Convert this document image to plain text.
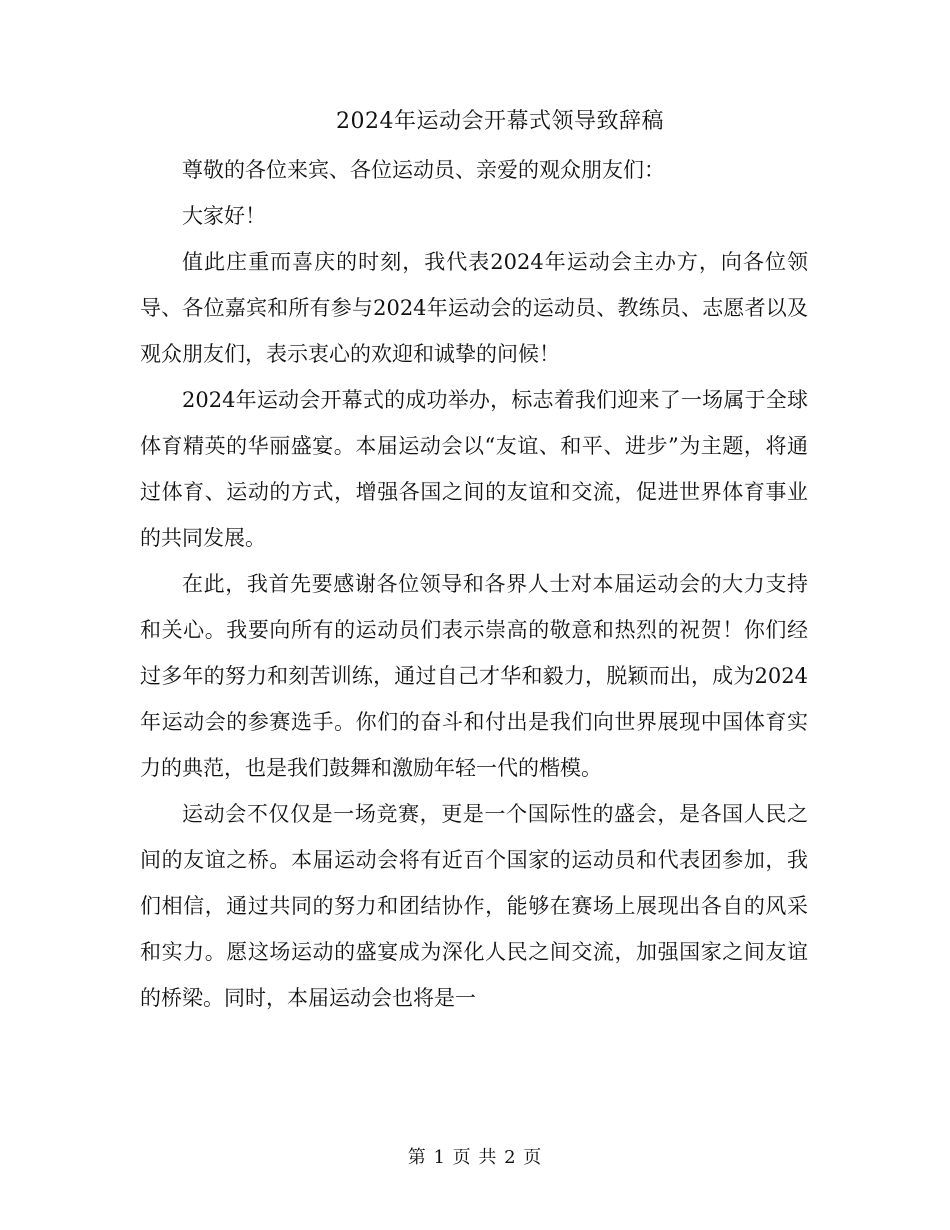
2024年运动会开幕式领导致辞稿

尊敬的各位来宾、各位运动员、亲爱的观众朋友们：

大家好！

值此庄重而喜庆的时刻，我代表2024年运动会主办方，向各位领导、各位嘉宾和所有参与2024年运动会的运动员、教练员、志愿者以及观众朋友们，表示衷心的欢迎和诚挚的问候！

2024年运动会开幕式的成功举办，标志着我们迎来了一场属于全球体育精英的华丽盛宴。本届运动会以“友谊、和平、进步”为主题，将通过体育、运动的方式，增强各国之间的友谊和交流，促进世界体育事业的共同发展。

在此，我首先要感谢各位领导和各界人士对本届运动会的大力支持和关心。我要向所有的运动员们表示崇高的敬意和热烈的祝贺！你们经过多年的努力和刻苦训练，通过自己才华和毅力，脱颖而出，成为2024年运动会的参赛选手。你们的奋斗和付出是我们向世界展现中国体育实力的典范，也是我们鼓舞和激励年轻一代的楷模。

运动会不仅仅是一场竞赛，更是一个国际性的盛会，是各国人民之间的友谊之桥。本届运动会将有近百个国家的运动员和代表团参加，我们相信，通过共同的努力和团结协作，能够在赛场上展现出各自的风采和实力。愿这场运动的盛宴成为深化人民之间交流，加强国家之间友谊的桥梁。同时，本届运动会也将是一

第 1 页 共 2 页
